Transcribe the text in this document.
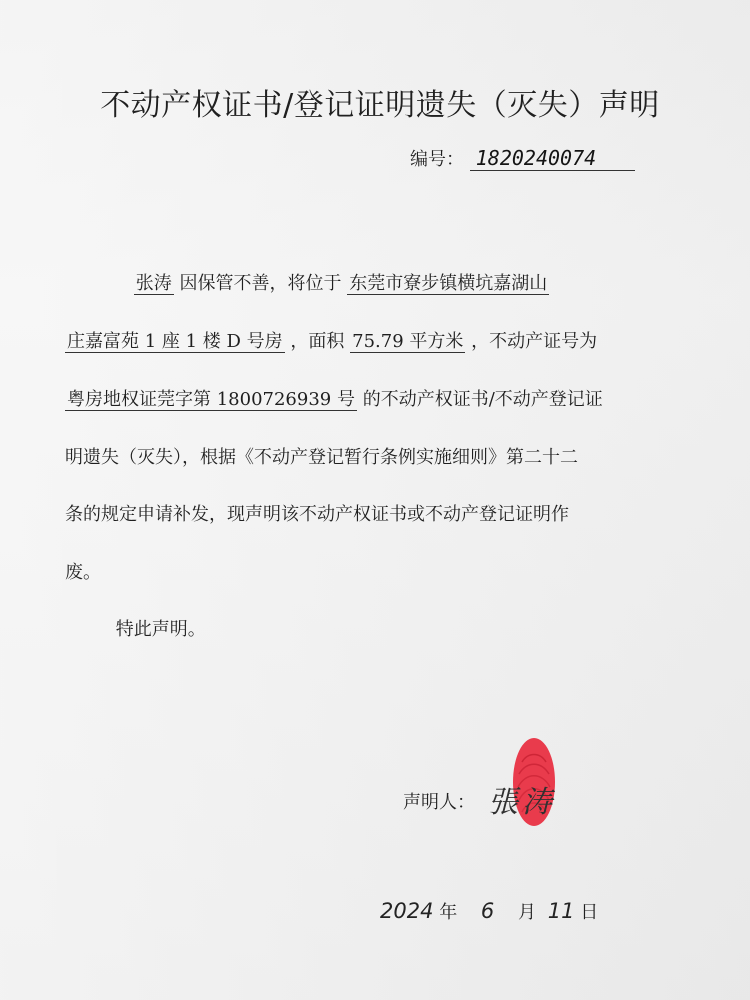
不动产权证书/登记证明遗失（灭失）声明
编号： 1820240074
张涛 因保管不善，将位于 东莞市寮步镇横坑嘉湖山
庄嘉富苑 1 座 1 楼 D 号房 ，面积 75.79 平方米 ，不动产证号为
粤房地权证莞字第 1800726939 号 的不动产权证书/不动产登记证
明遗失（灭失），根据《不动产登记暂行条例实施细则》第二十二
条的规定申请补发，现声明该不动产权证书或不动产登记证明作
废。
特此声明。
声明人： 張涛
2024 年 6 月 11 日
